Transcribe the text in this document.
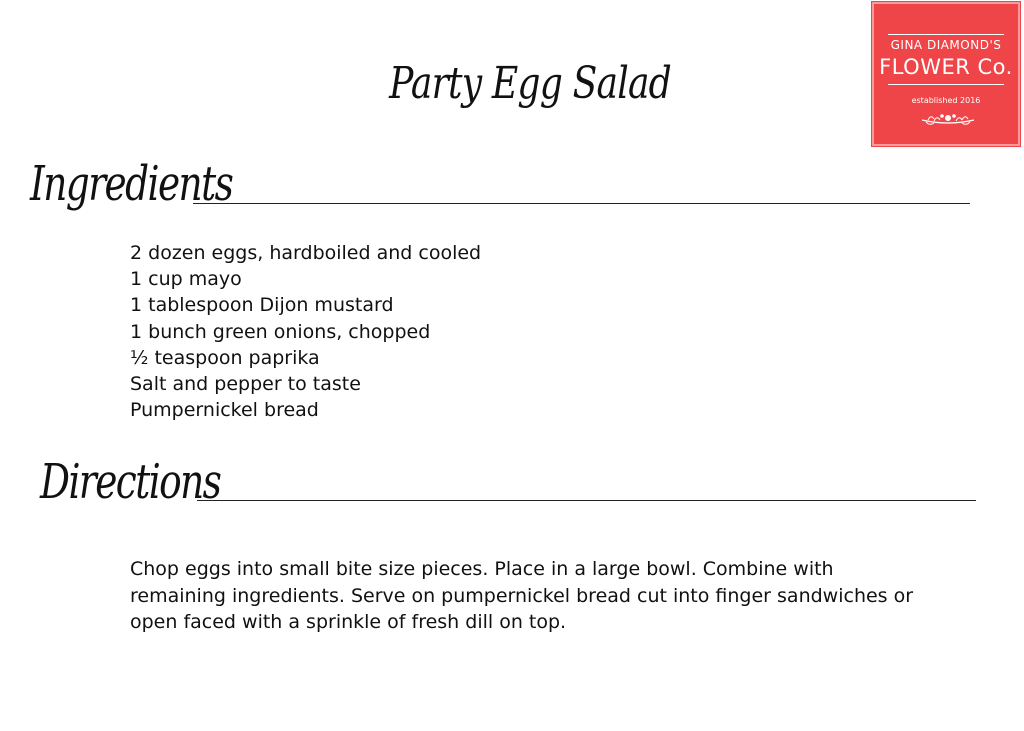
Party Egg Salad
GINA DIAMOND'S
FLOWER Co.
established 2016
Ingredients
2 dozen eggs, hardboiled and cooled
1 cup mayo
1 tablespoon Dijon mustard
1 bunch green onions, chopped
½ teaspoon paprika
Salt and pepper to taste
Pumpernickel bread
Directions

Chop eggs into small bite size pieces. Place in a large bowl. Combine with
remaining ingredients. Serve on pumpernickel bread cut into finger sandwiches or
open faced with a sprinkle of fresh dill on top.
